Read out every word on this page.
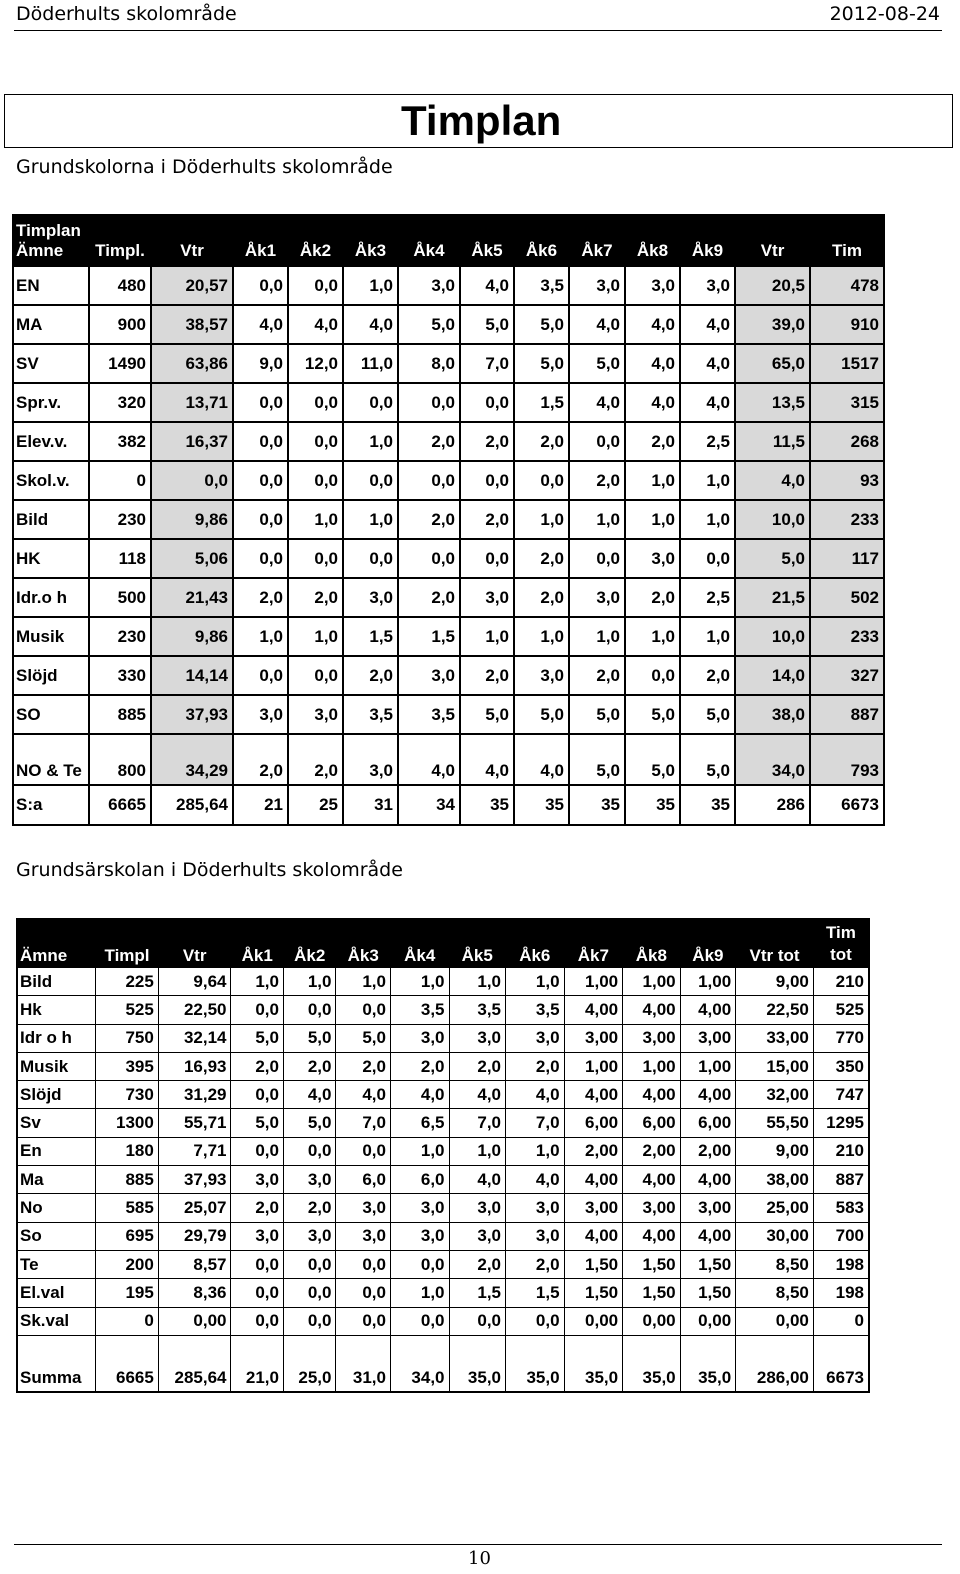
Döderhults skolområde	2012-08-24
Timplan
Grundskolorna i Döderhults skolområde
Timplan
Ämne	Timpl.	Vtr	Åk1	Åk2	Åk3	Åk4	Åk5	Åk6	Åk7	Åk8	Åk9	Vtr	Tim

EN	480	20,57	0,0	0,0	1,0	3,0	4,0	3,5	3,0	3,0	3,0	20,5	478
MA	900	38,57	4,0	4,0	4,0	5,0	5,0	5,0	4,0	4,0	4,0	39,0	910
SV	1490	63,86	9,0	12,0	11,0	8,0	7,0	5,0	5,0	4,0	4,0	65,0	1517
Spr.v.	320	13,71	0,0	0,0	0,0	0,0	0,0	1,5	4,0	4,0	4,0	13,5	315
Elev.v.	382	16,37	0,0	0,0	1,0	2,0	2,0	2,0	0,0	2,0	2,5	11,5	268
Skol.v.	0	0,0	0,0	0,0	0,0	0,0	0,0	0,0	2,0	1,0	1,0	4,0	93
Bild	230	9,86	0,0	1,0	1,0	2,0	2,0	1,0	1,0	1,0	1,0	10,0	233
HK	118	5,06	0,0	0,0	0,0	0,0	0,0	2,0	0,0	3,0	0,0	5,0	117
Idr.o h	500	21,43	2,0	2,0	3,0	2,0	3,0	2,0	3,0	2,0	2,5	21,5	502
Musik	230	9,86	1,0	1,0	1,5	1,5	1,0	1,0	1,0	1,0	1,0	10,0	233
Slöjd	330	14,14	0,0	0,0	2,0	3,0	2,0	3,0	2,0	0,0	2,0	14,0	327
SO	885	37,93	3,0	3,0	3,5	3,5	5,0	5,0	5,0	5,0	5,0	38,0	887
NO & Te	800	34,29	2,0	2,0	3,0	4,0	4,0	4,0	5,0	5,0	5,0	34,0	793
S:a	6665	285,64	21	25	31	34	35	35	35	35	35	286	6673
Grundsärskolan i Döderhults skolområde
Ämne	Timpl	Vtr	Åk1	Åk2	Åk3	Åk4	Åk5	Åk6	Åk7	Åk8	Åk9	Vtr tot	Tim tot
Bild	225	9,64	1,0	1,0	1,0	1,0	1,0	1,0	1,00	1,00	1,00	9,00	210
Hk	525	22,50	0,0	0,0	0,0	3,5	3,5	3,5	4,00	4,00	4,00	22,50	525
Idr o h	750	32,14	5,0	5,0	5,0	3,0	3,0	3,0	3,00	3,00	3,00	33,00	770
Musik	395	16,93	2,0	2,0	2,0	2,0	2,0	2,0	1,00	1,00	1,00	15,00	350
Slöjd	730	31,29	0,0	4,0	4,0	4,0	4,0	4,0	4,00	4,00	4,00	32,00	747
Sv	1300	55,71	5,0	5,0	7,0	6,5	7,0	7,0	6,00	6,00	6,00	55,50	1295
En	180	7,71	0,0	0,0	0,0	1,0	1,0	1,0	2,00	2,00	2,00	9,00	210
Ma	885	37,93	3,0	3,0	6,0	6,0	4,0	4,0	4,00	4,00	4,00	38,00	887
No	585	25,07	2,0	2,0	3,0	3,0	3,0	3,0	3,00	3,00	3,00	25,00	583
So	695	29,79	3,0	3,0	3,0	3,0	3,0	3,0	4,00	4,00	4,00	30,00	700
Te	200	8,57	0,0	0,0	0,0	0,0	2,0	2,0	1,50	1,50	1,50	8,50	198
El.val	195	8,36	0,0	0,0	0,0	1,0	1,5	1,5	1,50	1,50	1,50	8,50	198
Sk.val	0	0,00	0,0	0,0	0,0	0,0	0,0	0,0	0,00	0,00	0,00	0,00	0

Summa	6665	285,64	21,0	25,0	31,0	34,0	35,0	35,0	35,0	35,0	35,0	286,00	6673
10
